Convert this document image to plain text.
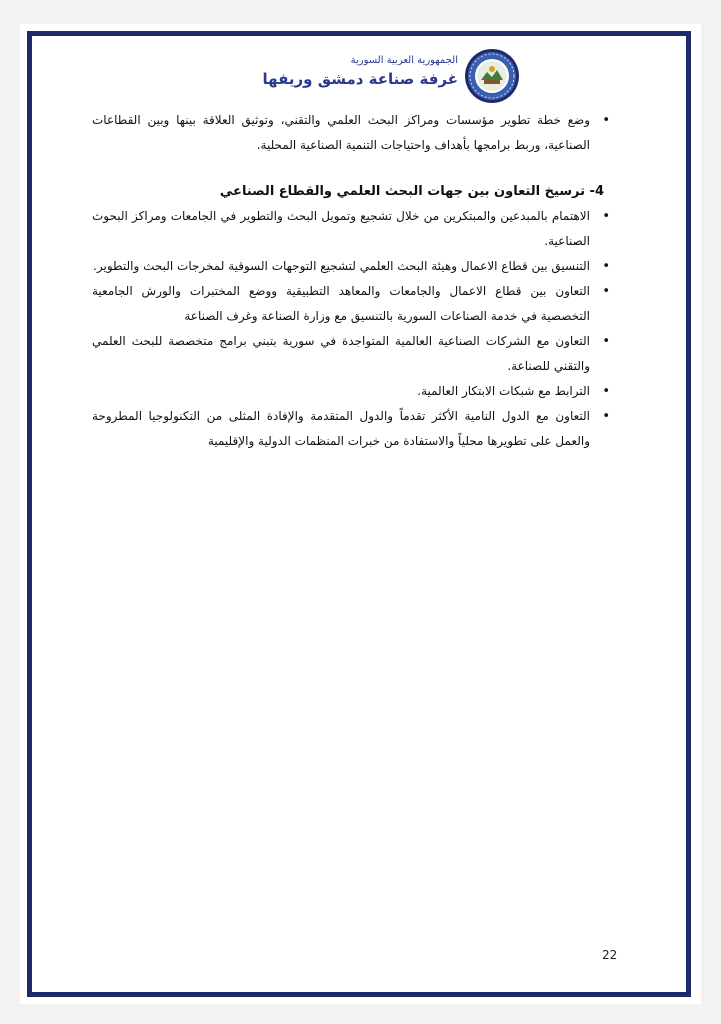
الجمهورية العربية السورية
غرفة صناعة دمشق وريفها
• وضع خطة تطوير مؤسسات ومراكز البحث العلمي والتقني، وتوثيق العلاقة بينها وبين القطاعات الصناعية، وربط برامجها بأهداف واحتياجات التنمية الصناعية المحلية.
4- ترسيخ التعاون بين جهات البحث العلمي والقطاع الصناعي
• الاهتمام بالمبدعين والمبتكرين من خلال تشجيع وتمويل البحث والتطوير في الجامعات ومراكز البحوث الصناعية.
• التنسيق بين قطاع الاعمال وهيئة البحث العلمي لتشجيع التوجهات السوقية لمخرجات البحث والتطوير.
• التعاون بين قطاع الاعمال والجامعات والمعاهد التطبيقية ووضع المختبرات والورش الجامعية التخصصية في خدمة الصناعات السورية بالتنسيق مع وزارة الصناعة وغرف الصناعة
• التعاون مع الشركات الصناعية العالمية المتواجدة في سورية بتبني برامج متخصصة للبحث العلمي والتقني للصناعة.
• الترابط مع شبكات الابتكار العالمية.
• التعاون مع الدول النامية الأكثر تقدماً والدول المتقدمة والإفادة المثلى من التكنولوجيا المطروحة والعمل على تطويرها محلياً والاستفادة من خبرات المنظمات الدولية والإقليمية
22
